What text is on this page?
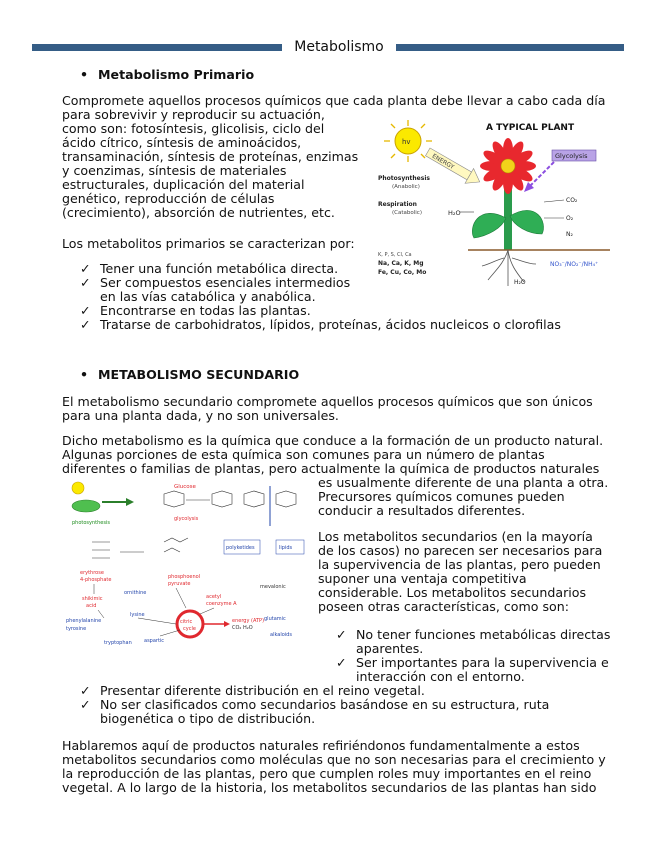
Metabolismo
• Metabolismo Primario
Compromete aquellos procesos químicos que cada planta debe llevar a cabo cada día
para sobrevivir y reproducir su actuación,
como son: fotosíntesis, glicolisis, ciclo del
ácido cítrico, síntesis de aminoácidos,
transaminación, síntesis de proteínas, enzimas
y coenzimas, síntesis de materiales
estructurales, duplicación del material
genético, reproducción de células
(crecimiento), absorción de nutrientes, etc.
Los metabolitos primarios se caracterizan por:
✓ Tener una función metabólica directa.
✓ Ser compuestos esenciales intermedios
en las vías catabólica y anabólica.
✓ Encontrarse en todas las plantas.
✓ Tratarse de carbohidratos, lípidos, proteínas, ácidos nucleicos o clorofilas
A TYPICAL PLANT
hv
ENERGY	Glycolysis
Photosynthesis
(Anabolic)
Respiration
(Catabolic)	H₂O
CO₂
O₂
N₂
K, P, S, Cl, Ca
Na, Ca, K, Mg
Fe, Cu, Co, Mo
NO₃⁻/NO₂⁻/NH₄⁺
H₂O
• METABOLISMO SECUNDARIO
El metabolismo secundario compromete aquellos procesos químicos que son únicos
para una planta dada, y no son universales.
Dicho metabolismo es la química que conduce a la formación de un producto natural.
Algunas porciones de esta química son comunes para un número de plantas
diferentes o familias de plantas, pero actualmente la química de productos naturales
es usualmente diferente de una planta a otra.
Precursores químicos comunes pueden
conducir a resultados diferentes.
Los metabolitos secundarios (en la mayoría
de los casos) no parecen ser necesarios para
la supervivencia de las plantas, pero pueden
suponer una ventaja competitiva
considerable. Los metabolitos secundarios
poseen otras características, como son:
✓ No tener funciones metabólicas directas
aparentes.
✓ Ser importantes para la supervivencia e
interacción con el entorno.
✓ Presentar diferente distribución en el reino vegetal.
✓ No ser clasificados como secundarios basándose en su estructura, ruta
biogenética o tipo de distribución.
Hablaremos aquí de productos naturales refiriéndonos fundamentalmente a estos
metabolitos secundarios como moléculas que no son necesarias para el crecimiento y
la reproducción de las plantas, pero que cumplen roles muy importantes en el reino
vegetal. A lo largo de la historia, los metabolitos secundarios de las plantas han sido
photosynthesis
Glucose
glycolysis
erythrose
4-phosphate
shikimic
acid
phosphoenol
pyruvate
polyketides	lipids
acetyl
coenzyme A
mevalonic
phenylalanine
tyrosine
tryptophan
lysine
ornithine
aspartic
glutamic
alkaloids
citric
cycle
energy (ATP)
CO₂ H₂O
